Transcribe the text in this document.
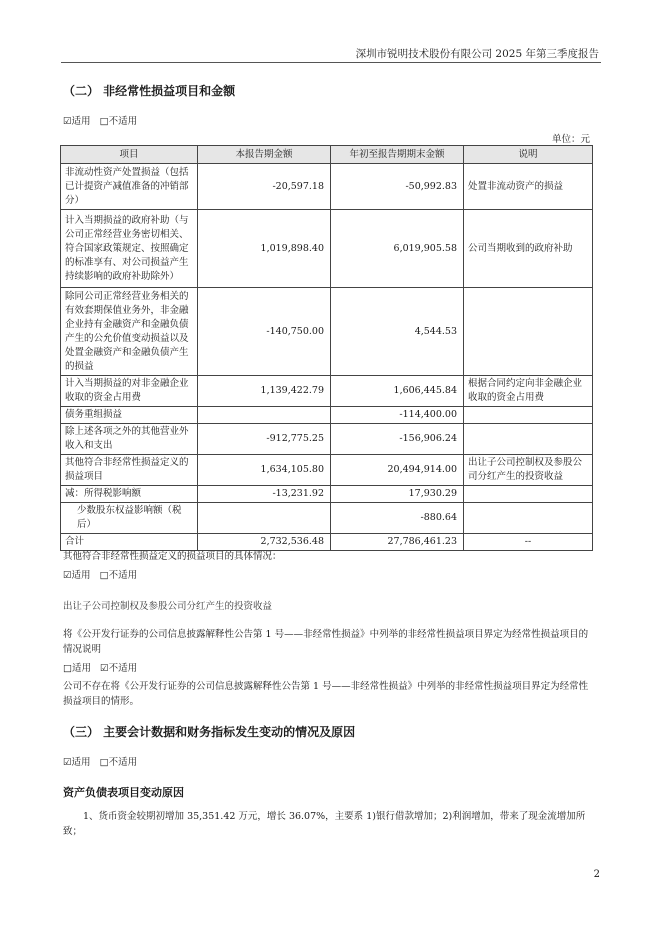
深圳市锐明技术股份有限公司 2025 年第三季度报告
（二） 非经常性损益项目和金额
☑适用 □不适用
单位：元
项目	本报告期金额	年初至报告期期末金额	说明
非流动性资产处置损益（包括已计提资产减值准备的冲销部分）	-20,597.18	-50,992.83	处置非流动资产的损益
计入当期损益的政府补助（与公司正常经营业务密切相关、符合国家政策规定、按照确定的标准享有、对公司损益产生持续影响的政府补助除外）	1,019,898.40	6,019,905.58	公司当期收到的政府补助
除同公司正常经营业务相关的有效套期保值业务外，非金融企业持有金融资产和金融负债产生的公允价值变动损益以及处置金融资产和金融负债产生的损益	-140,750.00	4,544.53	
计入当期损益的对非金融企业收取的资金占用费	1,139,422.79	1,606,445.84	根据合同约定向非金融企业收取的资金占用费
债务重组损益		-114,400.00	
除上述各项之外的其他营业外收入和支出	-912,775.25	-156,906.24	
其他符合非经常性损益定义的损益项目	1,634,105.80	20,494,914.00	出让子公司控制权及参股公司分红产生的投资收益
减：所得税影响额	-13,231.92	17,930.29	
少数股东权益影响额（税后）		-880.64	
合计	2,732,536.48	27,786,461.23	--
其他符合非经常性损益定义的损益项目的具体情况：
☑适用 □不适用
出让子公司控制权及参股公司分红产生的投资收益
将《公开发行证券的公司信息披露解释性公告第 1 号——非经常性损益》中列举的非经常性损益项目界定为经常性损益项目的情况说明
□适用 ☑不适用
公司不存在将《公开发行证券的公司信息披露解释性公告第 1 号——非经常性损益》中列举的非经常性损益项目界定为经常性损益项目的情形。
（三） 主要会计数据和财务指标发生变动的情况及原因
☑适用 □不适用
资产负债表项目变动原因
1、货币资金较期初增加 35,351.42 万元，增长 36.07%，主要系 1)银行借款增加；2)利润增加，带来了现金流增加所致；
2
